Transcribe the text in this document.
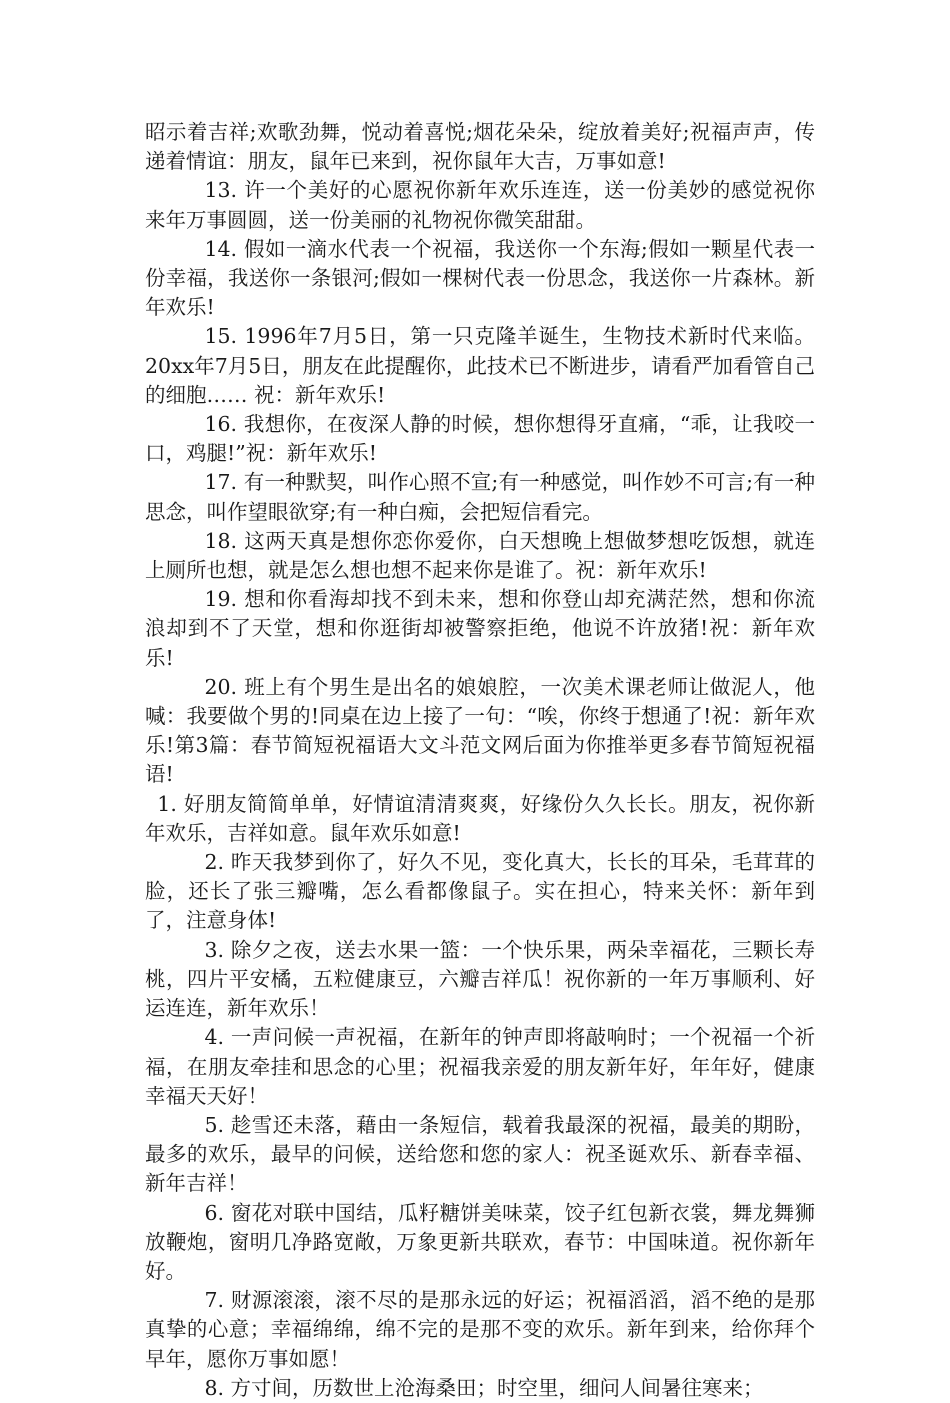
昭示着吉祥;欢歌劲舞，悦动着喜悦;烟花朵朵，绽放着美好;祝福声声，传递着情谊：朋友，鼠年已来到，祝你鼠年大吉，万事如意!

13. 许一个美好的心愿祝你新年欢乐连连，送一份美妙的感觉祝你来年万事圆圆，送一份美丽的礼物祝你微笑甜甜。

14. 假如一滴水代表一个祝福，我送你一个东海;假如一颗星代表一份幸福，我送你一条银河;假如一棵树代表一份思念，我送你一片森林。新年欢乐!

15. 1996年7月5日，第一只克隆羊诞生，生物技术新时代来临。20xx年7月5日，朋友在此提醒你，此技术已不断进步，请看严加看管自己的细胞…… 祝：新年欢乐!

16. 我想你，在夜深人静的时候，想你想得牙直痛，“乖，让我咬一口，鸡腿!”祝：新年欢乐!

17. 有一种默契，叫作心照不宣;有一种感觉，叫作妙不可言;有一种思念，叫作望眼欲穿;有一种白痴，会把短信看完。

18. 这两天真是想你恋你爱你，白天想晚上想做梦想吃饭想，就连上厕所也想，就是怎么想也想不起来你是谁了。祝：新年欢乐!

19. 想和你看海却找不到未来，想和你登山却充满茫然，想和你流浪却到不了天堂，想和你逛街却被警察拒绝，他说不许放猪!祝：新年欢乐!

20. 班上有个男生是出名的娘娘腔，一次美术课老师让做泥人，他喊：我要做个男的!同桌在边上接了一句：“唉，你终于想通了!祝：新年欢乐!第3篇：春节简短祝福语大文斗范文网后面为你推举更多春节简短祝福语!

1. 好朋友简简单单，好情谊清清爽爽，好缘份久久长长。朋友，祝你新年欢乐，吉祥如意。鼠年欢乐如意!

2. 昨天我梦到你了，好久不见，变化真大，长长的耳朵，毛茸茸的脸，还长了张三瓣嘴，怎么看都像鼠子。实在担心，特来关怀：新年到了，注意身体!

3. 除夕之夜，送去水果一篮：一个快乐果，两朵幸福花，三颗长寿桃，四片平安橘，五粒健康豆，六瓣吉祥瓜！祝你新的一年万事顺利、好运连连，新年欢乐！

4. 一声问候一声祝福，在新年的钟声即将敲响时；一个祝福一个祈福，在朋友牵挂和思念的心里；祝福我亲爱的朋友新年好，年年好，健康幸福天天好！

5. 趁雪还未落，藉由一条短信，载着我最深的祝福，最美的期盼，最多的欢乐，最早的问候，送给您和您的家人：祝圣诞欢乐、新春幸福、新年吉祥！

6. 窗花对联中国结，瓜籽糖饼美味菜，饺子红包新衣裳，舞龙舞狮放鞭炮，窗明几净路宽敞，万象更新共联欢，春节：中国味道。祝你新年好。

7. 财源滚滚，滚不尽的是那永远的好运；祝福滔滔，滔不绝的是那真挚的心意；幸福绵绵，绵不完的是那不变的欢乐。新年到来，给你拜个早年，愿你万事如愿！

8. 方寸间，历数世上沧海桑田；时空里，细问人间暑往寒来；
